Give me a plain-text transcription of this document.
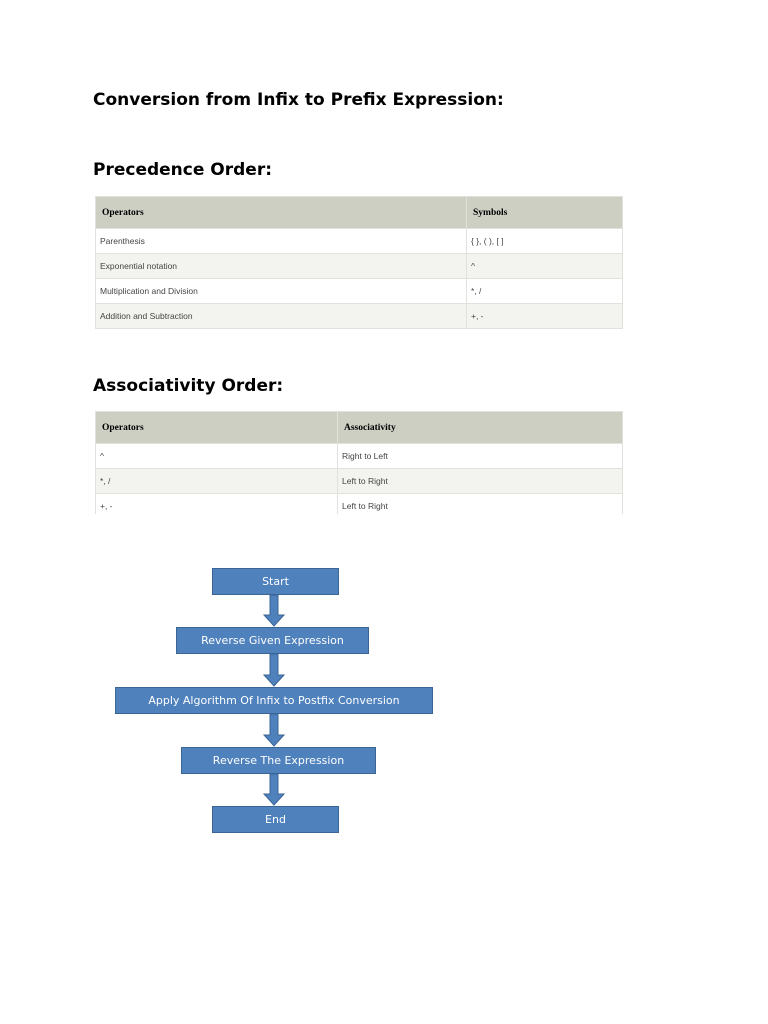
Conversion from Infix to Prefix Expression:
Precedence Order:
Operators	Symbols
Parenthesis	{ }, ( ), [ ]
Exponential notation	^
Multiplication and Division	*, /
Addition and Subtraction	+, -
Associativity Order:
Operators	Associativity
^	Right to Left
*, /	Left to Right
+, -	Left to Right
Start
Reverse Given Expression
Apply Algorithm Of Infix to Postfix Conversion
Reverse The Expression
End
